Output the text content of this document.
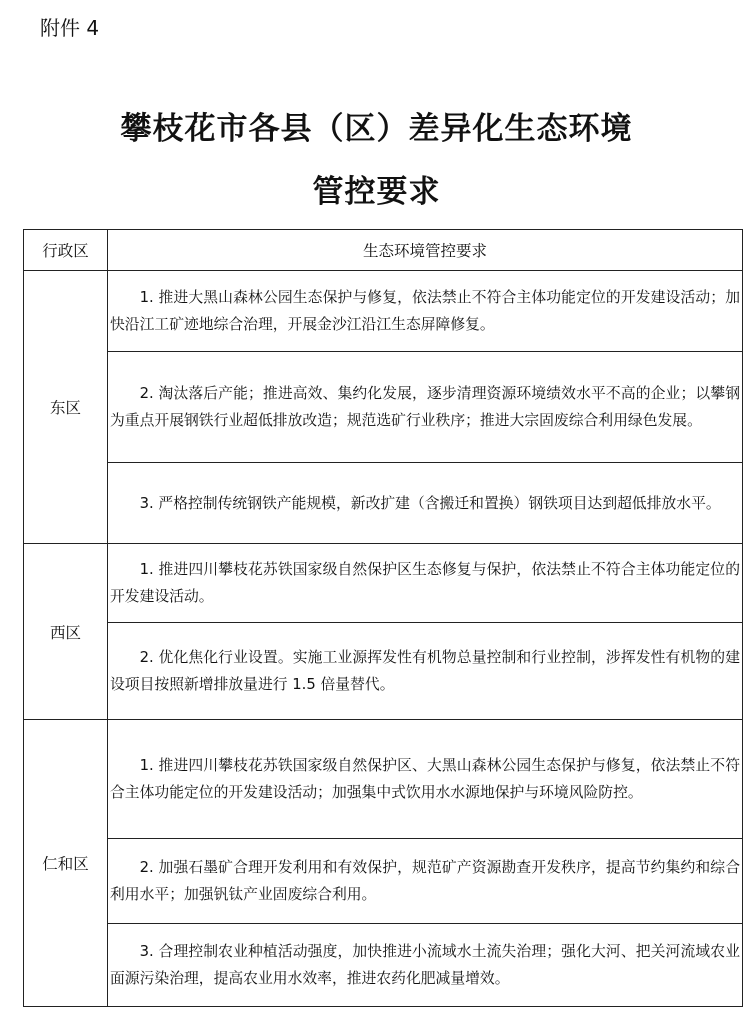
附件 4
攀枝花市各县（区）差异化生态环境
管控要求
行政区	生态环境管控要求
东区	1. 推进大黑山森林公园生态保护与修复，依法禁止不符合主体功能定位的开发建设活动；加快沿江工矿迹地综合治理，开展金沙江沿江生态屏障修复。
	2. 淘汰落后产能；推进高效、集约化发展，逐步清理资源环境绩效水平不高的企业；以攀钢为重点开展钢铁行业超低排放改造；规范选矿行业秩序；推进大宗固废综合利用绿色发展。
	3. 严格控制传统钢铁产能规模，新改扩建（含搬迁和置换）钢铁项目达到超低排放水平。
西区	1. 推进四川攀枝花苏铁国家级自然保护区生态修复与保护，依法禁止不符合主体功能定位的开发建设活动。
	2. 优化焦化行业设置。实施工业源挥发性有机物总量控制和行业控制，涉挥发性有机物的建设项目按照新增排放量进行 1.5 倍量替代。
仁和区	1. 推进四川攀枝花苏铁国家级自然保护区、大黑山森林公园生态保护与修复，依法禁止不符合主体功能定位的开发建设活动；加强集中式饮用水水源地保护与环境风险防控。
	2. 加强石墨矿合理开发利用和有效保护，规范矿产资源勘查开发秩序，提高节约集约和综合利用水平；加强钒钛产业固废综合利用。
	3. 合理控制农业种植活动强度，加快推进小流域水土流失治理；强化大河、把关河流域农业面源污染治理，提高农业用水效率，推进农药化肥减量增效。
